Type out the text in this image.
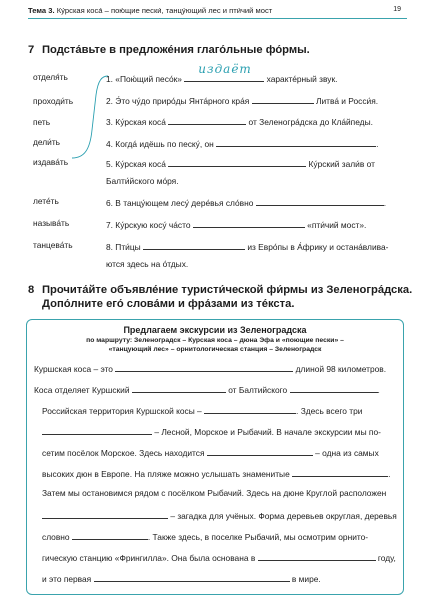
Тема 3. Ку́рская коса́ – пою́щие пески́, танцу́ющий лес и пти́чий мост	19
7 Подста́вьте в предложе́ния глаго́льные фо́рмы.
отделя́ть
проходи́ть
петь
дели́ть
издава́ть
лете́ть
называ́ть
танцева́ть
1. «Пою́щий песо́к»
издаёт
характе́рный звук.
2. Э́то чу́до приро́ды Янта́рного кра́я	Литва́ и Росси́я.
3. Ку́рская коса́	от Зеленогра́дска до Кла́йпеды.
4. Когда́ идёшь по песку́, он	.
5. Ку́рская коса́	Ку́рский зали́в от
Балти́йского мо́ря.
6. В танцу́ющем лесу́ дере́вья сло́вно	.
7. Ку́рскую косу́ ча́сто	«пти́чий мост».
8. Пти́цы	из Евро́пы в А́фрику и остана́влива-
ются здесь на о́тдых.
8 Прочита́йте объявле́ние туристи́ческой фи́рмы из Зеленогра́дска.
Допо́лните его́ слова́ми и фра́зами из те́кста.
Предлагаем экскурсии из Зеленоградска
по маршруту: Зеленоградск – Курская коса – дюна Эфа и «поющие пески» –
«танцующий лес» – орнитологическая станция – Зеленоградск
Куршская коса – это	длиной 98 километров.
Коса отделяет Куршский	от Балтийского	.
Российская территория Куршской косы –	. Здесь всего три
– Лесной, Морское и Рыбачий. В начале экскурсии мы по-
сетим посёлок Морское. Здесь находится	– одна из самых
высоких дюн в Европе. На пляже можно услышать знаменитые	.
Затем мы остановимся рядом с посёлком Рыбачий. Здесь на дюне Круглой расположен
– загадка для учёных. Форма деревьев округлая, деревья
словно	. Также здесь, в поселке Рыбачий, мы осмотрим орнито-
гическую станцию «Фрингилла». Она была основана в	году,
и это первая	в мире.
